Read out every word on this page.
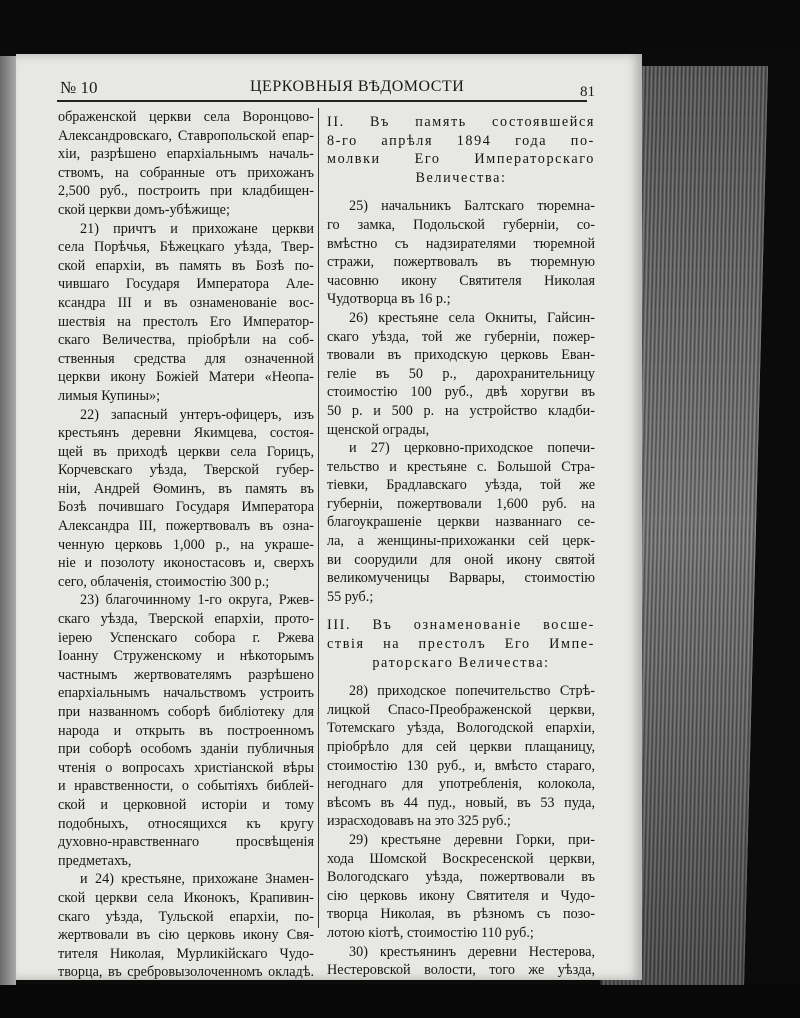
№ 10	ЦЕРКОВНЫЯ ВѢДОМОСТИ	81

ображенской церкви села Воронцово-

Александровскаго, Ставропольской епар-

хіи, разрѣшено епархіальнымъ началь-

ствомъ, на собранные отъ прихожанъ

2,500 руб., построить при кладбищен-

ской церкви домъ-убѣжище;

21) причтъ и прихожане церкви

села Порѣчья, Бѣжецкаго уѣзда, Твер-

ской епархіи, въ память въ Бозѣ по-

чившаго Государя Императора Але-

ксандра III и въ ознаменованіе вос-

шествія на престолъ Его Император-

скаго Величества, пріобрѣли на соб-

ственныя средства для означенной

церкви икону Божіей Матери «Неопа-

лимыя Купины»;

22) запасный унтеръ-офицеръ, изъ

крестьянъ деревни Якимцева, состоя-

щей въ приходѣ церкви села Горицъ,

Корчевскаго уѣзда, Тверской губер-

ніи, Андрей Ѳоминъ, въ память въ

Бозѣ почившаго Государя Императора

Александра III, пожертвовалъ въ озна-

ченную церковь 1,000 р., на украше-

ніе и позолоту иконостасовъ и, сверхъ

сего, облаченія, стоимостію 300 р.;

23) благочинному 1-го округа, Ржев-

скаго уѣзда, Тверской епархіи, прото-

іерею Успенскаго собора г. Ржева

Іоанну Струженскому и нѣкоторымъ

частнымъ жертвователямъ разрѣшено

епархіальнымъ начальствомъ устроить

при названномъ соборѣ библіотеку для

народа и открыть въ построенномъ

при соборѣ особомъ зданіи публичныя

чтенія о вопросахъ христіанской вѣры

и нравственности, о событіяхъ библей-

ской и церковной исторіи и тому

подобныхъ, относящихся къ кругу

духовно-нравственнаго просвѣщенія

предметахъ,

и 24) крестьяне, прихожане Знамен-

ской церкви села Иконокъ, Крапивин-

скаго уѣзда, Тульской епархіи, по-

жертвовали въ сію церковь икону Свя-

тителя Николая, Мурликійскаго Чудо-

творца, въ сребровызолоченномъ окладѣ.

II. Въ память состоявшейся

8-го апрѣля 1894 года по-

молвки Его Императорскаго

Величества:

25) начальникъ Балтскаго тюремна-

го замка, Подольской губерніи, со-

вмѣстно съ надзирателями тюремной

стражи, пожертвовалъ въ тюремную

часовню икону Святителя Николая

Чудотворца въ 16 р.;

26) крестьяне села Окниты, Гайсин-

скаго уѣзда, той же губерніи, пожер-

твовали въ приходскую церковь Еван-

геліе въ 50 р., дарохранительницу

стоимостію 100 руб., двѣ хоругви въ

50 р. и 500 р. на устройство кладби-

щенской ограды,

и 27) церковно-приходское попечи-

тельство и крестьяне с. Большой Стра-

тіевки, Брадлавскаго уѣзда, той же

губерніи, пожертвовали 1,600 руб. на

благоукрашеніе церкви названнаго се-

ла, а женщины-прихожанки сей церк-

ви соорудили для оной икону святой

великомученицы Варвары, стоимостію

55 руб.;

III. Въ ознаменованіе восше-

ствія на престолъ Его Импе-

раторскаго Величества:

28) приходское попечительство Стрѣ-

лицкой Спасо-Преображенской церкви,

Тотемскаго уѣзда, Вологодской епархіи,

пріобрѣло для сей церкви плащаницу,

стоимостію 130 руб., и, вмѣсто стараго,

негоднаго для употребленія, колокола,

вѣсомъ въ 44 пуд., новый, въ 53 пуда,

израсходовавъ на это 325 руб.;

29) крестьяне деревни Горки, при-

хода Шомской Воскресенской церкви,

Вологодскаго уѣзда, пожертвовали въ

сію церковь икону Святителя и Чудо-

творца Николая, въ рѣзномъ съ позо-

лотою кіотѣ, стоимостію 110 руб.;

30) крестьянинъ деревни Нестерова,

Нестеровской волости, того же уѣзда,
